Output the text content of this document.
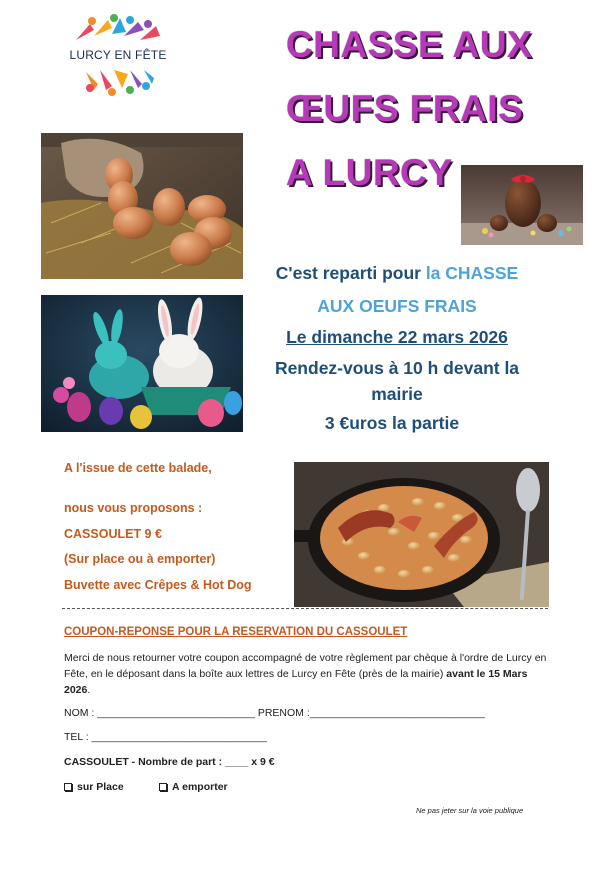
LURCY EN FÊTE	CHASSE AUX
ŒUFS FRAIS
A LURCY
C'est reparti pour la CHASSE
AUX OEUFS FRAIS
Le dimanche 22 mars 2026
Rendez-vous à 10 h devant la mairie
3 €uros la partie
A l'issue de cette balade,
nous vous proposons :
CASSOULET 9 €
(Sur place ou à emporter)
Buvette avec Crêpes & Hot Dog
COUPON-REPONSE POUR LA RESERVATION DU CASSOULET
Merci de nous retourner votre coupon accompagné de votre règlement par chèque à l'ordre de Lurcy en Fête, en le déposant dans la boîte aux lettres de Lurcy en Fête (près de la mairie) avant le 15 Mars 2026.
NOM : ___________________________ PRENOM :______________________________
TEL : ______________________________
CASSOULET - Nombre de part : ____ x 9 €
sur Place	A emporter
Ne pas jeter sur la voie publique
